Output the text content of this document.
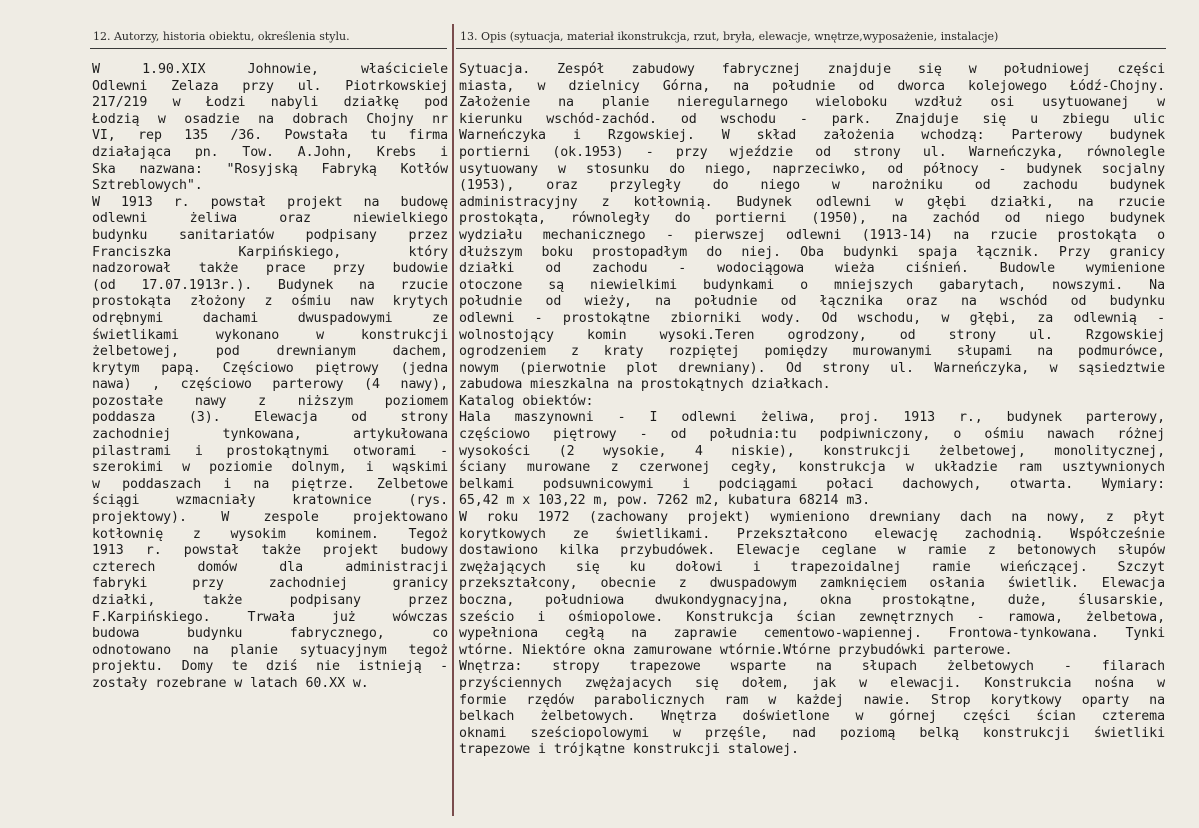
12. Autorzy, historia obiektu, określenia stylu.	13. Opis (sytuacja, materiał ikonstrukcja, rzut, bryła, elewacje, wnętrze,wyposażenie, instalacje)
W 1.90.XIX Johnowie, właściciele
Odlewni Żelaza przy ul. Piotrkowskiej
217/219 w Łodzi nabyli działkę pod
Łodzią w osadzie na dobrach Chojny nr
VI, rep 135 /36. Powstała tu firma
działająca pn. Tow. A.John, Krebs i
Ska nazwana: "Rosyjską Fabryką Kotłów
Sztreblowych".
W 1913 r. powstał projekt na budowę
odlewni żeliwa oraz niewielkiego
budynku sanitariatów podpisany przez
Franciszka Karpińskiego, który
nadzorował także prace przy budowie
(od 17.07.1913r.). Budynek na rzucie
prostokąta złożony z ośmiu naw krytych
odrębnymi dachami dwuspadowymi ze
świetlikami wykonano w konstrukcji
żelbetowej, pod drewnianym dachem,
krytym papą. Częściowo piętrowy (jedna
nawa) , częściowo parterowy (4 nawy),
pozostałe nawy z niższym poziomem
poddasza (3). Elewacja od strony
zachodniej tynkowana, artykułowana
pilastrami i prostokątnymi otworami -
szerokimi w poziomie dolnym, i wąskimi
w poddaszach i na piętrze. Żelbetowe
ściągi wzmacniały kratownice (rys.
projektowy). W zespole projektowano
kotłownię z wysokim kominem. Tegoż
1913 r. powstał także projekt budowy
czterech domów dla administracji
fabryki przy zachodniej granicy
działki, także podpisany przez
F.Karpińskiego. Trwała już wówczas
budowa budynku fabrycznego, co
odnotowano na planie sytuacyjnym tegoż
projektu. Domy te dziś nie istnieją -
zostały rozebrane w latach 60.XX w.
Sytuacja. Zespół zabudowy fabrycznej znajduje się w południowej części
miasta, w dzielnicy Górna, na południe od dworca kolejowego Łódź-Chojny.
Założenie na planie nieregularnego wieloboku wzdłuż osi usytuowanej w
kierunku wschód-zachód. od wschodu - park. Znajduje się u zbiegu ulic
Warneńczyka i Rzgowskiej. W skład założenia wchodzą: Parterowy budynek
portierni (ok.1953) - przy wjeździe od strony ul. Warneńczyka, równolegle
usytuowany w stosunku do niego, naprzeciwko, od północy - budynek socjalny
(1953), oraz przyległy do niego w narożniku od zachodu budynek
administracyjny z kotłownią. Budynek odlewni w głębi działki, na rzucie
prostokąta, równoległy do portierni (1950), na zachód od niego budynek
wydziału mechanicznego - pierwszej odlewni (1913-14) na rzucie prostokąta o
dłuższym boku prostopadłym do niej. Oba budynki spaja łącznik. Przy granicy
działki od zachodu - wodociągowa wieża ciśnień. Budowle wymienione
otoczone są niewielkimi budynkami o mniejszych gabarytach, nowszymi. Na
południe od wieży, na południe od łącznika oraz na wschód od budynku
odlewni - prostokątne zbiorniki wody. Od wschodu, w głębi, za odlewnią -
wolnostojący komin wysoki.Teren ogrodzony, od strony ul. Rzgowskiej
ogrodzeniem z kraty rozpiętej pomiędzy murowanymi słupami na podmurówce,
nowym (pierwotnie plot drewniany). Od strony ul. Warneńczyka, w sąsiedztwie
zabudowa mieszkalna na prostokątnych działkach.
Katalog obiektów:
Hala maszynowni - I odlewni żeliwa, proj. 1913 r., budynek parterowy,
częściowo piętrowy - od południa:tu podpiwniczony, o ośmiu nawach różnej
wysokości (2 wysokie, 4 niskie), konstrukcji żelbetowej, monolitycznej,
ściany murowane z czerwonej cegły, konstrukcja w układzie ram usztywnionych
belkami podsuwnicowymi i podciągami połaci dachowych, otwarta. Wymiary:
65,42 m x 103,22 m, pow. 7262 m2, kubatura 68214 m3.
W roku 1972 (zachowany projekt) wymieniono drewniany dach na nowy, z płyt
korytkowych ze świetlikami. Przekształcono elewację zachodnią. Współcześnie
dostawiono kilka przybudówek. Elewacje ceglane w ramie z betonowych słupów
zwężających się ku dołowi i trapezoidalnej ramie wieńczącej. Szczyt
przekształcony, obecnie z dwuspadowym zamknięciem osłania świetlik. Elewacja
boczna, południowa dwukondygnacyjna, okna prostokątne, duże, ślusarskie,
sześcio i ośmiopolowe. Konstrukcja ścian zewnętrznych - ramowa, żelbetowa,
wypełniona cegłą na zaprawie cementowo-wapiennej. Frontowa-tynkowana. Tynki
wtórne. Niektóre okna zamurowane wtórnie.Wtórne przybudówki parterowe.
Wnętrza: stropy trapezowe wsparte na słupach żelbetowych - filarach
przyściennych zwężajacych się dołem, jak w elewacji. Konstrukcia nośna w
formie rzędów parabolicznych ram w każdej nawie. Strop korytkowy oparty na
belkach żelbetowych. Wnętrza doświetlone w górnej części ścian czterema
oknami sześciopolowymi w przęśle, nad poziomą belką konstrukcji świetliki
trapezowe i trójkątne konstrukcji stalowej.
